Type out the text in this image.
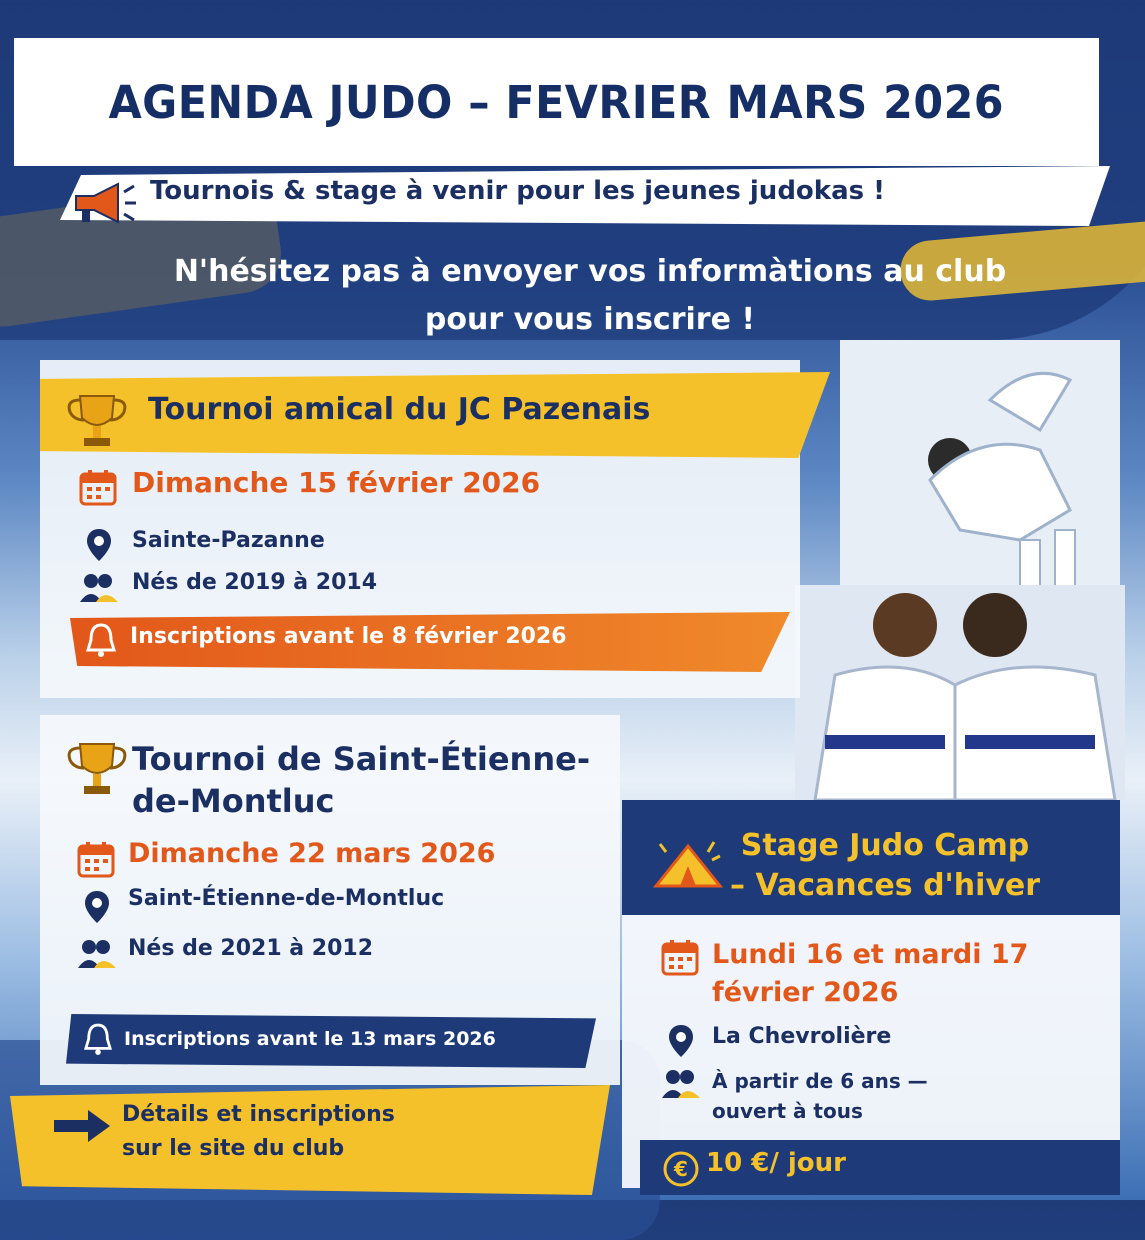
AGENDA JUDO – FEVRIER MARS 2026
Tournois & stage à venir pour les jeunes judokas !
N'hésitez pas à envoyer vos informàtions au club
pour vous inscrire !
Tournoi amical du JC Pazenais
Dimanche 15 février 2026
Sainte-Pazanne
Nés de 2019 à 2014
Inscriptions avant le 8 février 2026
Tournoi de Saint-Étienne-
de-Montluc
Dimanche 22 mars 2026
Saint-Étienne-de-Montluc
Nés de 2021 à 2012
Inscriptions avant le 13 mars 2026
Stage Judo Camp
– Vacances d'hiver
Lundi 16 et mardi 17
février 2026
La Chevrolière
À partir de 6 ans —
ouvert à tous
€ 10 €/ jour
Détails et inscriptions
sur le site du club
